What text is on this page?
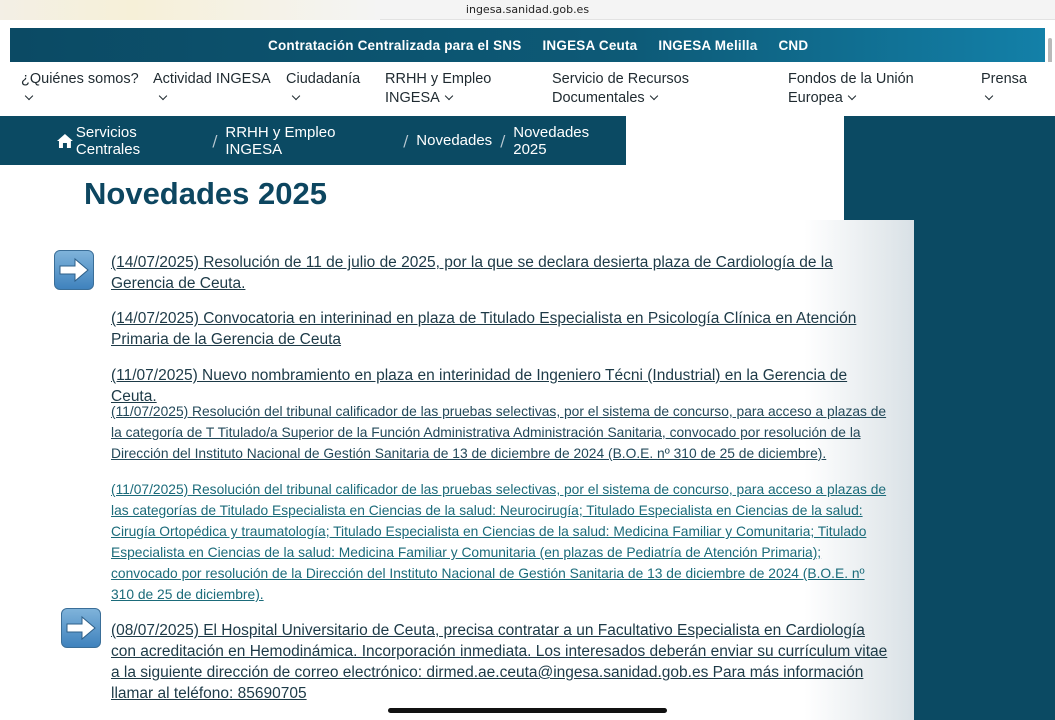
ingesa.sanidad.gob.es
Contratación Centralizada para el SNS INGESA Ceuta INGESA Melilla CND
¿Quiénes somos? Actividad INGESA Ciudadanía RRHH y Empleo
INGESA
Servicio de Recursos
Documentales
Fondos de la Unión
Europea
Prensa
Servicios Centrales	/ RRHH y Empleo INGESA	/ Novedades / Novedades 2025
Novedades 2025
(14/07/2025) Resolución de 11 de julio de 2025, por la que se declara desierta plaza de Cardiología de la Gerencia de Ceuta.
(14/07/2025) Convocatoria en interininad en plaza de Titulado Especialista en Psicología Clínica en Atención Primaria de la Gerencia de Ceuta
(11/07/2025) Nuevo nombramiento en plaza en interinidad de Ingeniero Técni (Industrial) en la Gerencia de Ceuta.
(11/07/2025) Resolución del tribunal calificador de las pruebas selectivas, por el sistema de concurso, para acceso a plazas de la categoría de T Titulado/a Superior de la Función Administrativa Administración Sanitaria, convocado por resolución de la Dirección del Instituto Nacional de Gestión Sanitaria de 13 de diciembre de 2024 (B.O.E. nº 310 de 25 de diciembre).
(11/07/2025) Resolución del tribunal calificador de las pruebas selectivas, por el sistema de concurso, para acceso a plazas de las categorías de Titulado Especialista en Ciencias de la salud: Neurocirugía; Titulado Especialista en Ciencias de la salud: Cirugía Ortopédica y traumatología; Titulado Especialista en Ciencias de la salud: Medicina Familiar y Comunitaria; Titulado Especialista en Ciencias de la salud: Medicina Familiar y Comunitaria (en plazas de Pediatría de Atención Primaria); convocado por resolución de la Dirección del Instituto Nacional de Gestión Sanitaria de 13 de diciembre de 2024 (B.O.E. nº 310 de 25 de diciembre).
(08/07/2025) El Hospital Universitario de Ceuta, precisa contratar a un Facultativo Especialista en Cardiología con acreditación en Hemodinámica. Incorporación inmediata. Los interesados deberán enviar su currículum vitae a la siguiente dirección de correo electrónico: dirmed.ae.ceuta@ingesa.sanidad.gob.es Para más información llamar al teléfono: 85690705
